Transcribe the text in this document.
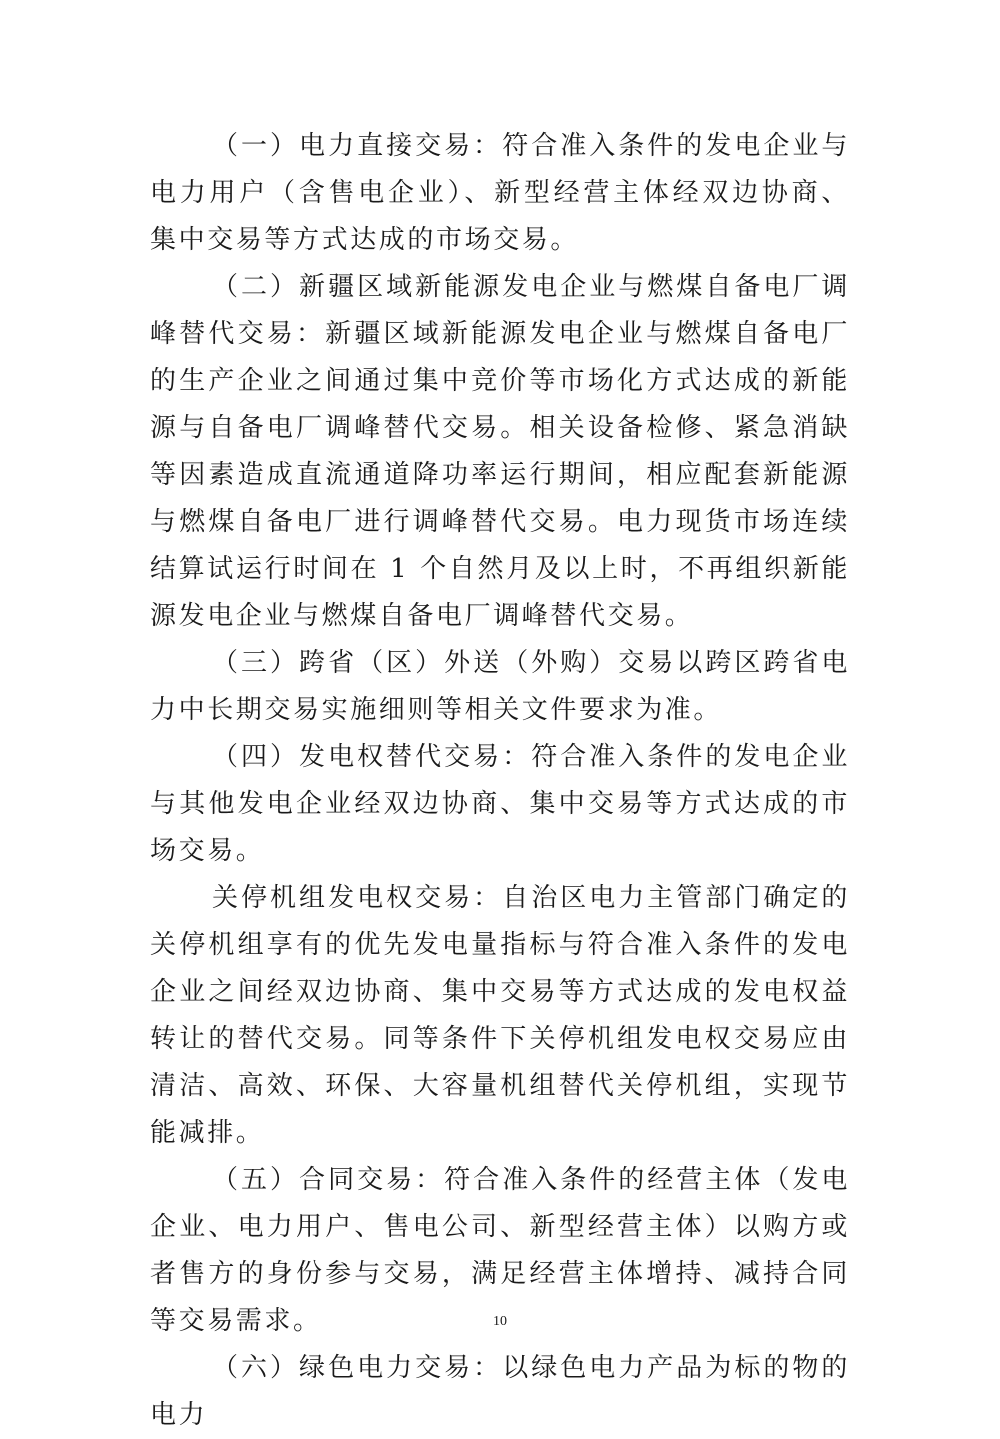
（一）电力直接交易：符合准入条件的发电企业与电力用户（含售电企业）、新型经营主体经双边协商、集中交易等方式达成的市场交易。

（二）新疆区域新能源发电企业与燃煤自备电厂调峰替代交易：新疆区域新能源发电企业与燃煤自备电厂的生产企业之间通过集中竞价等市场化方式达成的新能源与自备电厂调峰替代交易。相关设备检修、紧急消缺等因素造成直流通道降功率运行期间，相应配套新能源与燃煤自备电厂进行调峰替代交易。电力现货市场连续结算试运行时间在 1 个自然月及以上时，不再组织新能源发电企业与燃煤自备电厂调峰替代交易。

（三）跨省（区）外送（外购）交易以跨区跨省电力中长期交易实施细则等相关文件要求为准。

（四）发电权替代交易：符合准入条件的发电企业与其他发电企业经双边协商、集中交易等方式达成的市场交易。

关停机组发电权交易：自治区电力主管部门确定的关停机组享有的优先发电量指标与符合准入条件的发电企业之间经双边协商、集中交易等方式达成的发电权益转让的替代交易。同等条件下关停机组发电权交易应由清洁、高效、环保、大容量机组替代关停机组，实现节能减排。

（五）合同交易：符合准入条件的经营主体（发电企业、电力用户、售电公司、新型经营主体）以购方或者售方的身份参与交易，满足经营主体增持、减持合同等交易需求。

（六）绿色电力交易：以绿色电力产品为标的物的电力

10
